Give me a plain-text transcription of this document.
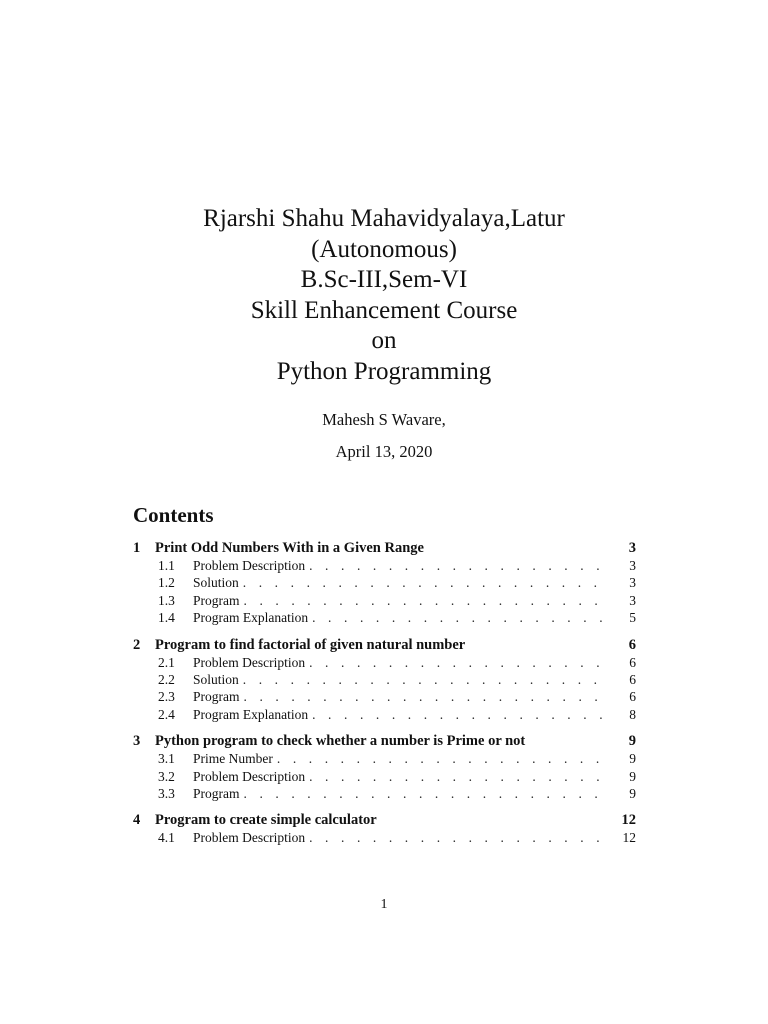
Rjarshi Shahu Mahavidyalaya,Latur

(Autonomous)

B.Sc-III,Sem-VI

Skill Enhancement Course

on

Python Programming

Mahesh S Wavare,
April 13, 2020
Contents
1	Print Odd Numbers With in a Given Range	3
1.1	Problem Description . . .	3
1.2	Solution . . .	3
1.3	Program . . .	3
1.4	Program Explanation . . .	5
2	Program to find factorial of given natural number	6
2.1	Problem Description . . .	6
2.2	Solution . . .	6
2.3	Program . . .	6
2.4	Program Explanation . . .	8
3	Python program to check whether a number is Prime or not	9
3.1	Prime Number . . .	9
3.2	Problem Description . . .	9
3.3	Program . . .	9
4	Program to create simple calculator	12
4.1	Problem Description . . .	12
1
